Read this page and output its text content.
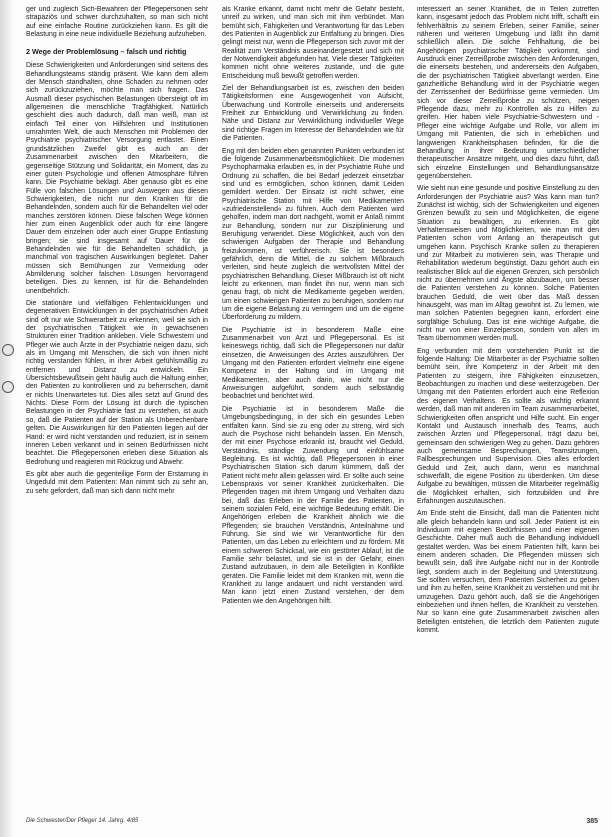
ger und zugleich Sich-Bewahren der Pflegepersonen sehr strapaziös und schwer durchzuhalten, so man sich nicht auf eine einfache Routine zurückziehen kann. Es gilt die Belastung in eine neue individuelle Beziehung aufzuheben.

2 Wege der Problemlösung – falsch und richtig

Diese Schwierigkeiten und Anforderungen sind seitens des Behandlungsteams ständig präsent. Wie kann dem allem der Mensch standhalten, ohne Schaden zu nehmen oder sich zurückzuziehen, möchte man sich fragen. Das Ausmaß dieser psychischen Belastungen übersteigt oft im allgemeinen die menschliche Tragfähigkeit. Natürlich geschieht dies auch dadurch, daß man weiß, man ist einfach Teil einer von Hilfslehren und Institutionen umrahmten Welt, die auch Menschen mit Problemen der Psychiatrie psychiatrischer Versorgung entlastet. Einen grundsätzlichen Zweifel gibt es auch an der Zusammenarbeit zwischen den Mitarbeitern, die gegenseitige Stützung und Solidarität, ein Moment, das zu einer guten Psychologie und offenen Atmosphäre führen kann. Die Psychiatrie beklagt. Aber genauso gibt es eine Fülle von falschen Lösungen und Auswegen aus diesen Schwierigkeiten, die nicht nur den Kranken für die Behandelnden, sondern auch für die Behandelten viel oder manches zerstören können. Diese falschen Wege können hier zum einen Augenblick oder auch für eine längere Dauer dem einzelnen oder auch einer Gruppe Entlastung bringen; sie sind insgesamt auf Dauer für die Behandelnden wie für die Behandelten schädlich, ja manchmal von tragischen Auswirkungen begleitet. Daher müssen sich Bemühungen zur Vermeidung oder Abmilderung solcher falschen Lösungen hervorragend beteiligen. Dies zu kennen, ist für die Behandelnden unentbehrlich.

Die stationäre und vielfältigen Fehlentwicklungen und degenerativen Entwicklungen in der psychiatrischen Arbeit sind oft nur wie Schwerarbeit zu erkennen, weil sie sich in der psychiatrischen Tätigkeit wie in gewachsenen Strukturen einer Tradition ankleben. Viele Schwestern und Pfleger wie auch Ärzte in der Psychiatrie neigen dazu, sich als im Umgang mit Menschen, die sich von ihnen nicht richtig verstanden fühlen, in ihrer Arbeit gefühlsmäßig zu entfernen und Distanz zu entwickeln. Ein Übersichtsbewußtsein geht häufig auch die Haltung einher, den Patienten zu kontrollieren und zu beherrschen, damit er nichts Unerwartetes tut. Dies alles setzt auf Grund des Nichts. Diese Form der Lösung ist durch die typischen Belastungen in der Psychiatrie fast zu verstehen, ist auch so, daß die Patienten auf der Station als Unberechenbare gelten. Die Auswirkungen für den Patienten liegen auf der Hand: er wird nicht verstanden und reduziert, ist in seinem inneren Leben verkannt und in seinen Bedürfnissen nicht beachtet. Die Pflegepersonen erleben diese Situation als Bedrohung und reagieren mit Rückzug und Abwehr.

Es gibt aber auch die gegenteilige Form der Erstarrung in Ungeduld mit dem Patienten: Man nimmt sich zu sehr an, zu sehr gefordert, daß man sich dann nicht mehr

als Kranke erkannt, damit nicht mehr die Gefahr besteht, unreif zu wirken, und man sich mit ihm verbündet. Man bemüht sich, Fähigkeiten und Verantwortung für das Leben des Patienten in Augenblick zur Entfaltung zu bringen. Dies gelingt meist nur, wenn die Pflegeperson sich zuvor mit der Realität zum Verständnis auseinandergesetzt und sich mit der Notwendigkeit abgefunden hat. Viele dieser Tätigkeiten kommen nicht ohne weiteres zustande, und die gute Entscheidung muß bewußt getroffen werden.

Ziel der Behandlungsarbeit ist es, zwischen den beiden Tätigkeitsformen eine Ausgewogenheit von Aufsicht, Überwachung und Kontrolle einerseits und andererseits Freiheit zur Entwicklung und Verwirklichung zu finden. Nähe und Distanz zur Verwirklichung individueller Wege sind richtige Fragen im Interesse der Behandelnden wie für die Patienten.

Eng mit den beiden eben genannten Punkten verbunden ist die folgende Zusammenarbeitsmöglichkeit. Die modernen Psychopharmaka erlauben es, in der Psychiatrie Ruhe und Ordnung zu schaffen, die bei Bedarf jederzeit einsetzbar sind und es ermöglichen, schon können, damit Leiden gemildert werden. Der Einsatz ist nicht schwer, eine Psychiatrische Station mit Hilfe von Medikamenten »zufriedenstellend« zu führen. Auch dem Patienten wird geholfen, indem man dort nachgeht, womit er Anlaß nimmt zur Behandlung, sondern nur zur Disziplinierung und Beruhigung verwendet. Diese Möglichkeit, auch von den schwierigen Aufgaben der Therapie und Behandlung freizukommen, ist verführerisch. Sie ist besonders gefährlich, denn die Mittel, die zu solchem Mißbrauch verleiten, sind heute zugleich die wertvollsten Mittel der psychiatrischen Behandlung. Dieser Mißbrauch ist oft nicht leicht zu erkennen, man findet ihn nur, wenn man sich genau fragt, ob nicht die Medikamente gegeben werden, um einen schwierigen Patienten zu beruhigen, sondern nur um die eigene Belastung zu verringern und um die eigene Überforderung zu mildern.

Die Psychiatrie ist in besonderem Maße eine Zusammenarbeit von Arzt und Pflegepersonal. Es ist keineswegs richtig, daß sich die Pflegepersonen nur dafür einsetzen, die Anweisungen des Arztes auszuführen. Der Umgang mit den Patienten erfordert vielmehr eine eigene Kompetenz in der Haltung und im Umgang mit Medikamenten, aber auch darin, wie nicht nur die Anweisungen aufgeführt, sondern auch selbständig beobachtet und berichtet wird.

Die Psychiatrie ist in besonderem Maße die Umgebungsbedingung, in der sich ein gesundes Leben entfalten kann. Sind sie zu eng oder zu streng, wird sich auch die Psychose nicht behandeln lassen. Ein Mensch, der mit einer Psychose erkrankt ist, braucht viel Geduld, Verständnis, ständige Zuwendung und einfühlsame Begleitung. Es ist wichtig, daß Pflegepersonen in einer Psychiatrischen Station sich darum kümmern, daß der Patient nicht mehr allein gelassen wird. Er sollte auch seine Lebenspraxis vor seiner Krankheit zurückerhalten. Die Pflegenden tragen mit ihrem Umgang und Verhalten dazu bei, daß das Erleben in der Familie des Patienten, in seinem sozialen Feld, eine wichtige Bedeutung erhält. Die Angehörigen erleben die Krankheit ähnlich wie die Pflegenden; sie brauchen Verständnis, Anteilnahme und Führung. Sie sind wie wir Verantwortliche für den Patienten, um das Leben zu erleichtern und zu fördern. Mit einem schweren Schicksal, wie ein gestörter Ablauf, ist die Familie sehr belastet, und sie ist in der Gefahr, einen Zustand aufzubauen, in dem alle Beteiligten in Konflikte geraten. Die Familie leidet mit dem Kranken mit, wenn die Krankheit zu lange andauert und nicht verstanden wird. Man kann jetzt einen Zustand verstehen, der dem Patienten wie den Angehörigen hilft.

interessiert an seiner Krankheit, die in Teilen zutreffen kann, insgesamt jedoch das Problem nicht trifft, schafft ein fehlverhältnis zu seinem Erleben, seiner Familie, seiner näheren und weiteren Umgebung und läßt ihn damit schließlich allein. Die solche Fehlhaltung, die bei Angehörigen psychiatrischer Tätigkeit vorkommt, sind Ausdruck einer Zerreißprobe zwischen den Anforderungen, die einerseits bestehen, und andererseits den Aufgaben, die der psychiatrischen Tätigkeit abverlangt werden. Eine ganzheitliche Behandlung wird in der Psychiatrie wegen der Zerrissenheit der Bedürfnisse gerne vermieden. Um sich vor dieser Zerreißprobe zu schützen, neigen Pflegende dazu, mehr zu Kontrollen als zu Hilfen zu greifen. Hier haben viele Psychiatrie-Schwestern und -Pfleger eine wichtige Aufgabe und Rolle, vor allem im Umgang mit Patienten, die sich in erheblichen und langwierigen Krankheitsphasen befinden, für die die Behandlung in ihrer Bedeutung unterschiedlicher therapeutischer Ansätze mitgeht, und dies dazu führt, daß sich einzelne Einstellungen und Behandlungsansätze gegenüberstehen.

Wie sieht nun eine gesunde und positive Einstellung zu den Anforderungen der Psychiatrie aus? Was kann man tun? Zunächst ist wichtig, sich der Schwierigkeiten und eigenen Grenzen bewußt zu sein und Möglichkeiten, die eigene Situation zu bewältigen, zu erkennen. Es gibt Verhaltensweisen und Möglichkeiten, wie man mit den Patienten schon vom Anfang an therapeutisch gut umgehen kann. Psychisch Kranke sollen zu therapieren und zur Mitarbeit zu motivieren sein, was Therapie und Rehabilitation wiederum begünstigt. Dazu gehört auch ein realistischer Blick auf die eigenen Grenzen, sich persönlich nicht zu übernehmen und Ängste abzubauen, um besser die Patienten verstehen zu können. Solche Patienten brauchen Geduld, die weit über das Maß dessen hinausgeht, was man im Alltag gewohnt ist. Zu lernen, wie man solchen Patienten begegnen kann, erfordert eine sorgfältige Schulung. Das ist eine wichtige Aufgabe, die nicht nur von einer Einzelperson, sondern von allen im Team übernommen werden muß.

Eng verbunden mit dem vorstehenden Punkt ist die folgende Haltung: Die Mitarbeiter in der Psychiatrie sollten bemüht sein, ihre Kompetenz in der Arbeit mit den Patienten zu steigern, ihre Fähigkeiten einzusetzen, Beobachtungen zu machen und diese weiterzugeben. Der Umgang mit den Patienten erfordert auch eine Reflexion des eigenen Verhaltens. Es sollte als wichtig erkannt werden, daß man mit anderen im Team zusammenarbeitet, Schwierigkeiten offen anspricht und Hilfe sucht. Ein enger Kontakt und Austausch innerhalb des Teams, auch zwischen Ärzten und Pflegepersonal, trägt dazu bei, gemeinsam den schwierigen Weg zu gehen. Dazu gehören auch gemeinsame Besprechungen, Teamsitzungen, Fallbesprechungen und Supervision. Dies alles erfordert Geduld und Zeit, auch dann, wenn es manchmal schwerfällt, die eigene Position zu überdenken. Um diese Aufgabe zu bewältigen, müssen die Mitarbeiter regelmäßig die Möglichkeit erhalten, sich fortzubilden und ihre Erfahrungen auszutauschen.

Am Ende steht die Einsicht, daß man die Patienten nicht alle gleich behandeln kann und soll. Jeder Patient ist ein Individuum mit eigenen Bedürfnissen und einer eigenen Geschichte. Daher muß auch die Behandlung individuell gestaltet werden. Was bei einem Patienten hilft, kann bei einem anderen schaden. Die Pflegenden müssen sich bewußt sein, daß ihre Aufgabe nicht nur in der Kontrolle liegt, sondern auch in der Begleitung und Unterstützung. Sie sollten versuchen, dem Patienten Sicherheit zu geben und ihm zu helfen, seine Krankheit zu verstehen und mit ihr umzugehen. Dazu gehört auch, daß sie die Angehörigen einbeziehen und ihnen helfen, die Krankheit zu verstehen. Nur so kann eine gute Zusammenarbeit zwischen allen Beteiligten entstehen, die letztlich dem Patienten zugute kommt.

Die Schwester/Der Pfleger 14. Jahrg. 4/85	385
